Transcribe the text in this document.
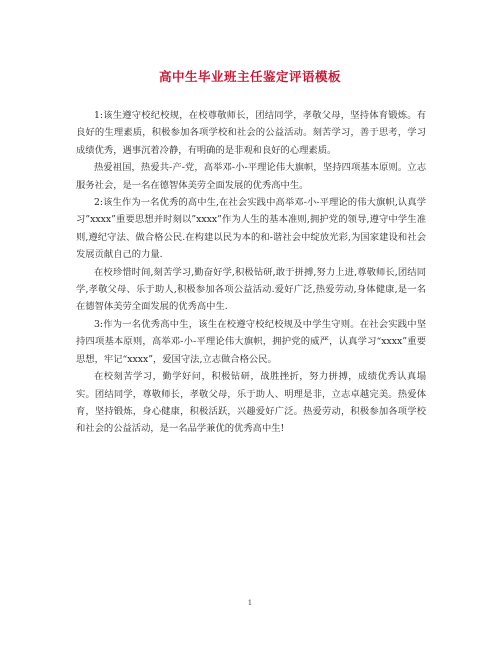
高中生毕业班主任鉴定评语模板

1:该生遵守校纪校规，在校尊敬师长，团结同学，孝敬父母，坚持体育锻炼。有良好的生理素质，积极参加各项学校和社会的公益活动。刻苦学习，善于思考，学习成绩优秀，遇事沉着冷静，有明确的是非观和良好的心理素质。

热爱祖国，热爱共-产-党，高举邓-小-平理论伟大旗帜，坚持四项基本原则。立志服务社会，是一名在德智体美劳全面发展的优秀高中生。

2:该生作为一名优秀的高中生,在社会实践中高举邓-小-平理论的伟大旗帜,认真学习”xxxx”重要思想并时刻以”xxxx”作为人生的基本准则,拥护党的领导,遵守中学生准则,遵纪守法、做合格公民.在构建以民为本的和-谐社会中绽放光彩,为国家建设和社会发展贡献自己的力量.

在校珍惜时间,刻苦学习,勤奋好学,积极钻研,敢于拼搏,努力上进,尊敬师长,团结同学,孝敬父母、乐于助人,积极参加各项公益活动.爱好广泛,热爱劳动,身体健康,是一名在德智体美劳全面发展的优秀高中生.

3:作为一名优秀高中生，该生在校遵守校纪校规及中学生守则。在社会实践中坚持四项基本原则，高举邓-小-平理论伟大旗帜，拥护党的威严，认真学习“xxxx”重要思想，牢记“xxxx”，爱国守法,立志做合格公民。

在校刻苦学习，勤学好问，积极钻研，战胜挫折，努力拼搏，成绩优秀认真塌实。团结同学，尊敬师长，孝敬父母，乐于助人、明理是非，立志卓越完美。热爱体育，坚持锻炼，身心健康，积极活跃，兴趣爱好广泛。热爱劳动，积极参加各项学校和社会的公益活动，是一名品学兼优的优秀高中生!

1
